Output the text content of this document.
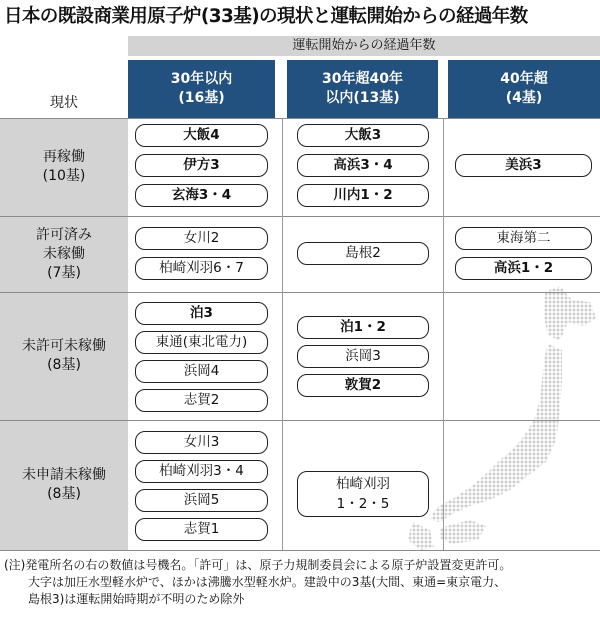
日本の既設商業用原子炉(33基)の現状と運転開始からの経過年数
運転開始からの経過年数
30年以内
(16基)
30年超40年
以内(13基)
40年超
(4基)
現状
再稼働
(10基)
許可済み
未稼働
(7基)
未許可未稼働
(8基)
未申請未稼働
(8基)
大飯4
伊方3
玄海3・4
大飯3
高浜3・4
川内1・2
美浜3
女川2
柏崎刈羽6・7
島根2
東海第二
高浜1・2
泊3
東通(東北電力)
浜岡4
志賀2
泊1・2
浜岡3
敦賀2
女川3
柏崎刈羽3・4
浜岡5
志賀1
柏崎刈羽
1・2・5
(注)発電所名の右の数値は号機名。「許可」は、原子力規制委員会による原子炉設置変更許可。
　　大字は加圧水型軽水炉で、ほかは沸騰水型軽水炉。建設中の3基(大間、東通=東京電力、
　　島根3)は運転開始時期が不明のため除外
